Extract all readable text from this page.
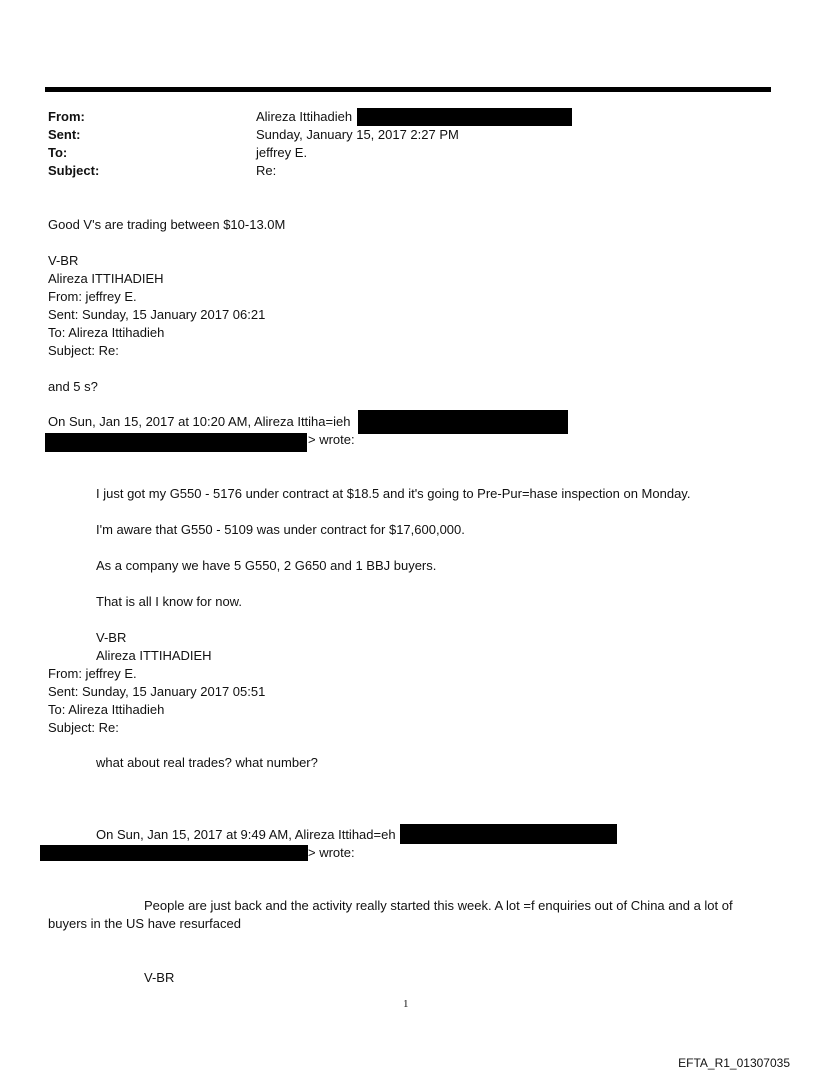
From:	Alireza Ittihadieh
Sent:	Sunday, January 15, 2017 2:27 PM
To:	jeffrey E.
Subject:	Re:
Good V's are trading between $10-13.0M
V-BR
Alireza ITTIHADIEH
From: jeffrey E.
Sent: Sunday, 15 January 2017 06:21
To: Alireza Ittihadieh
Subject: Re:
and 5 s?
On Sun, Jan 15, 2017 at 10:20 AM, Alireza Ittiha=ieh
> wrote:
I just got my G550 - 5176 under contract at $18.5 and it's going to Pre-Pur=hase inspection on Monday.
I'm aware that G550 - 5109 was under contract for $17,600,000.
As a company we have 5 G550, 2 G650 and 1 BBJ buyers.
That is all I know for now.
V-BR
Alireza ITTIHADIEH
From: jeffrey E.
Sent: Sunday, 15 January 2017 05:51
To: Alireza Ittihadieh
Subject: Re:
what about real trades? what number?
On Sun, Jan 15, 2017 at 9:49 AM, Alireza Ittihad=eh
> wrote:
People are just back and the activity really started this week. A lot =f enquiries out of China and a lot of buyers in the US have resurfaced
V-BR
1
EFTA_R1_01307035
